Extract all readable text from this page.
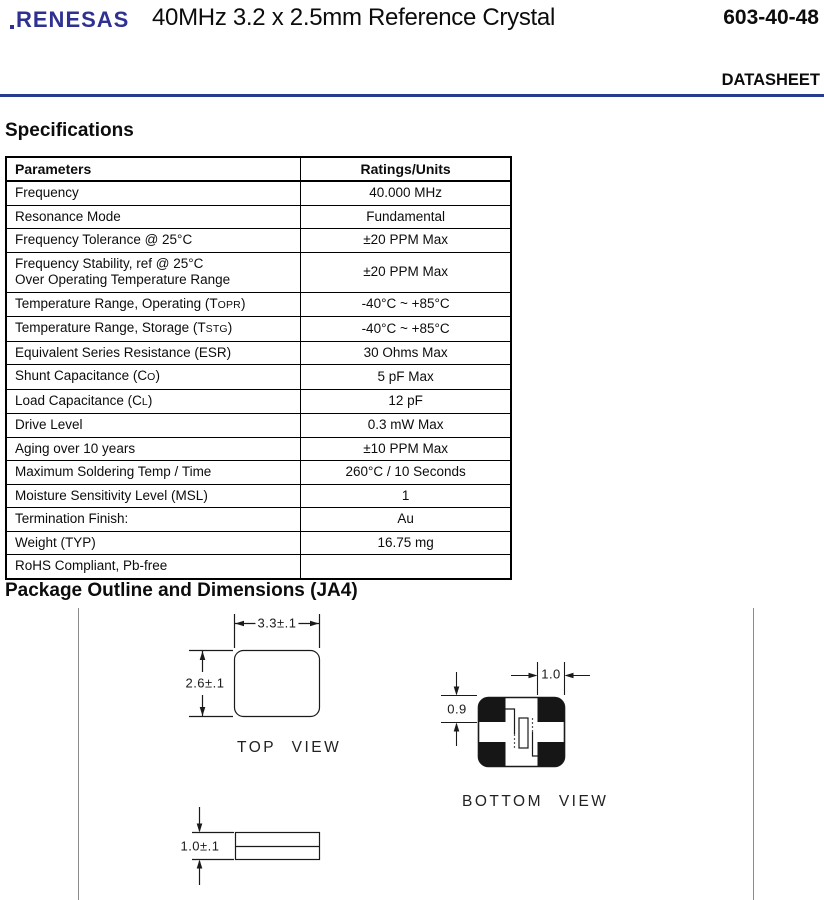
RENESAS 40MHz 3.2 x 2.5mm Reference Crystal	603-40-48
DATASHEET
Specifications
Parameters	Ratings/Units
Frequency	40.000 MHz
Resonance Mode	Fundamental
Frequency Tolerance @ 25°C	±20 PPM Max
Frequency Stability, ref @ 25°C
Over Operating Temperature Range	±20 PPM Max
Temperature Range, Operating (TOPR)	-40°C ~ +85°C
Temperature Range, Storage (TSTG)	-40°C ~ +85°C
Equivalent Series Resistance (ESR)	30 Ohms Max
Shunt Capacitance (CO)	5 pF Max
Load Capacitance (CL)	12 pF
Drive Level	0.3 mW Max
Aging over 10 years	±10 PPM Max
Maximum Soldering Temp / Time	260°C / 10 Seconds
Moisture Sensitivity Level (MSL)	1
Termination Finish:	Au
Weight (TYP)	16.75 mg
RoHS Compliant, Pb-free	
Package Outline and Dimensions (JA4)
3.3±.1
2.6±.1
TOP VIEW
1.0
0.9
BOTTOM VIEW
1.0±.1
